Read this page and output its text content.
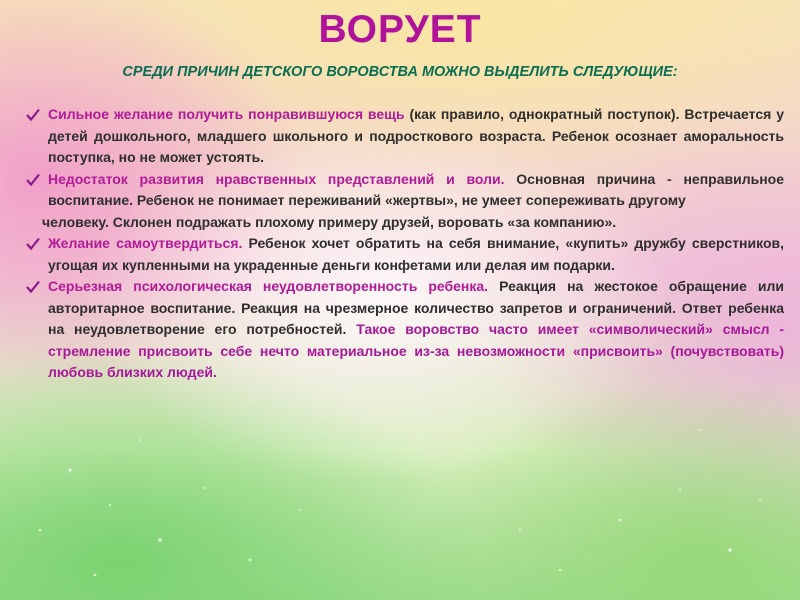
ВОРУЕТ
СРЕДИ ПРИЧИН ДЕТСКОГО ВОРОВСТВА МОЖНО ВЫДЕЛИТЬ СЛЕДУЮЩИЕ:
Сильное желание получить понравившуюся вещь (как правило, однократный поступок). Встречается у детей дошкольного, младшего школьного и подросткового возраста. Ребенок осознает аморальность поступка, но не может устоять.
Недостаток развития нравственных представлений и воли. Основная причина - неправильное воспитание. Ребенок не понимает переживаний «жертвы», не умеет сопереживать другому
человеку. Склонен подражать плохому примеру друзей, воровать «за компанию».
Желание самоутвердиться. Ребенок хочет обратить на себя внимание, «купить» дружбу сверстников, угощая их купленными на украденные деньги конфетами или делая им подарки.
Серьезная психологическая неудовлетворенность ребенка. Реакция на жестокое обращение или авторитарное воспитание. Реакция на чрезмерное количество запретов и ограничений. Ответ ребенка на неудовлетворение его потребностей. Такое воровство часто имеет «символический» смысл - стремление присвоить себе нечто материальное из-за невозможности «присвоить» (почувствовать) любовь близких людей.
